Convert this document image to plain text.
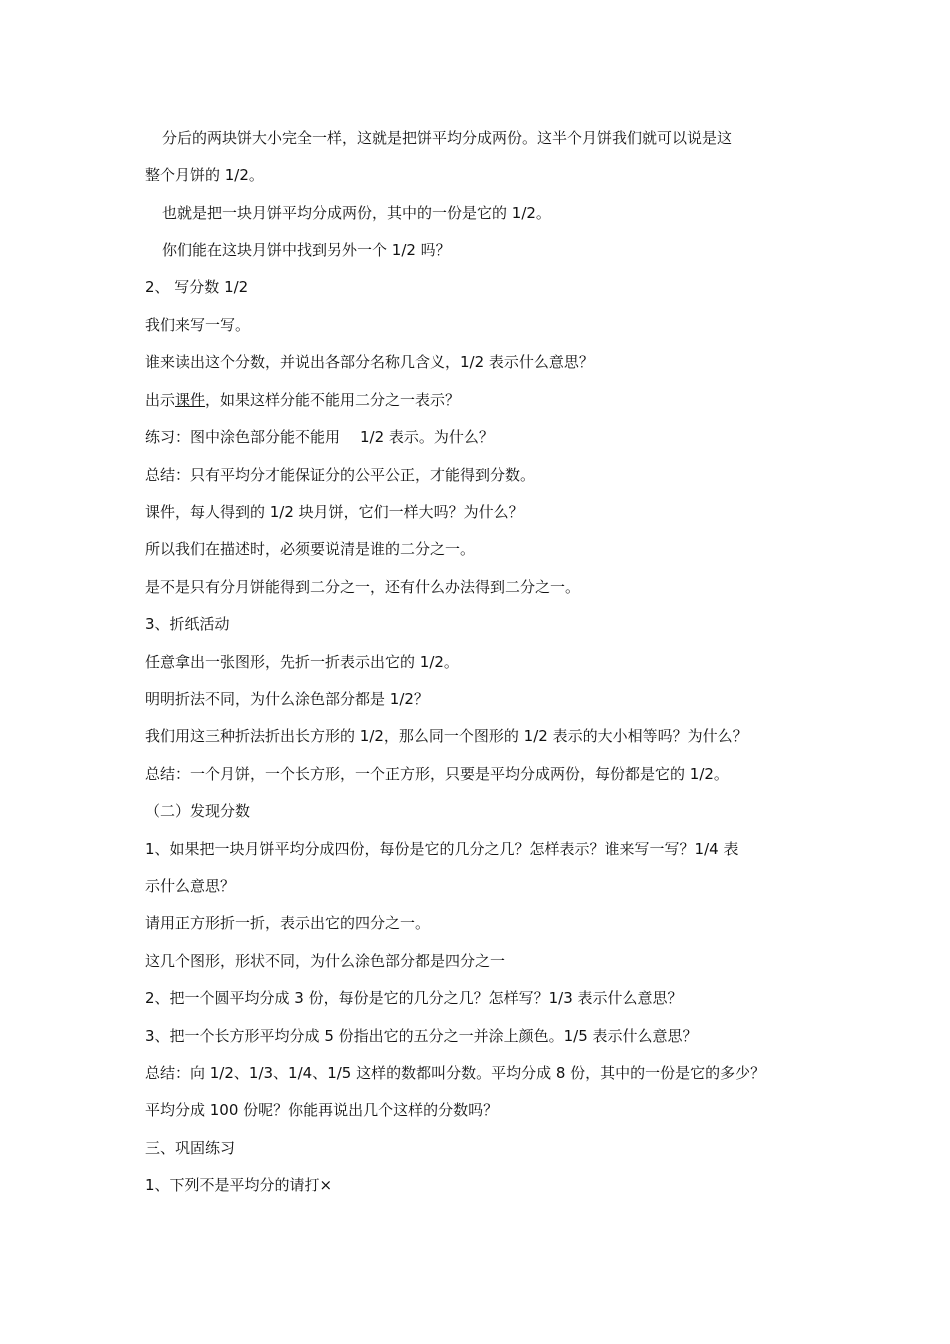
分后的两块饼大小完全一样，这就是把饼平均分成两份。这半个月饼我们就可以说是这

整个月饼的 1/2。

也就是把一块月饼平均分成两份，其中的一份是它的 1/2。

你们能在这块月饼中找到另外一个 1/2 吗？

2、 写分数 1/2

我们来写一写。

谁来读出这个分数，并说出各部分名称几含义，1/2 表示什么意思？

出示课件，如果这样分能不能用二分之一表示？

练习：图中涂色部分能不能用 1/2 表示。为什么？

总结：只有平均分才能保证分的公平公正，才能得到分数。

课件，每人得到的 1/2 块月饼，它们一样大吗？为什么？

所以我们在描述时，必须要说清是谁的二分之一。

是不是只有分月饼能得到二分之一，还有什么办法得到二分之一。

3、折纸活动

任意拿出一张图形，先折一折表示出它的 1/2。

明明折法不同，为什么涂色部分都是 1/2？

我们用这三种折法折出长方形的 1/2，那么同一个图形的 1/2 表示的大小相等吗？为什么？

总结：一个月饼，一个长方形，一个正方形，只要是平均分成两份，每份都是它的 1/2。

（二）发现分数

1、如果把一块月饼平均分成四份，每份是它的几分之几？怎样表示？谁来写一写？1/4 表

示什么意思？

请用正方形折一折，表示出它的四分之一。

这几个图形，形状不同，为什么涂色部分都是四分之一

2、把一个圆平均分成 3 份，每份是它的几分之几？怎样写？1/3 表示什么意思？

3、把一个长方形平均分成 5 份指出它的五分之一并涂上颜色。1/5 表示什么意思？

总结：向 1/2、1/3、1/4、1/5 这样的数都叫分数。平均分成 8 份，其中的一份是它的多少？

平均分成 100 份呢？你能再说出几个这样的分数吗？

三、巩固练习

1、下列不是平均分的请打×
